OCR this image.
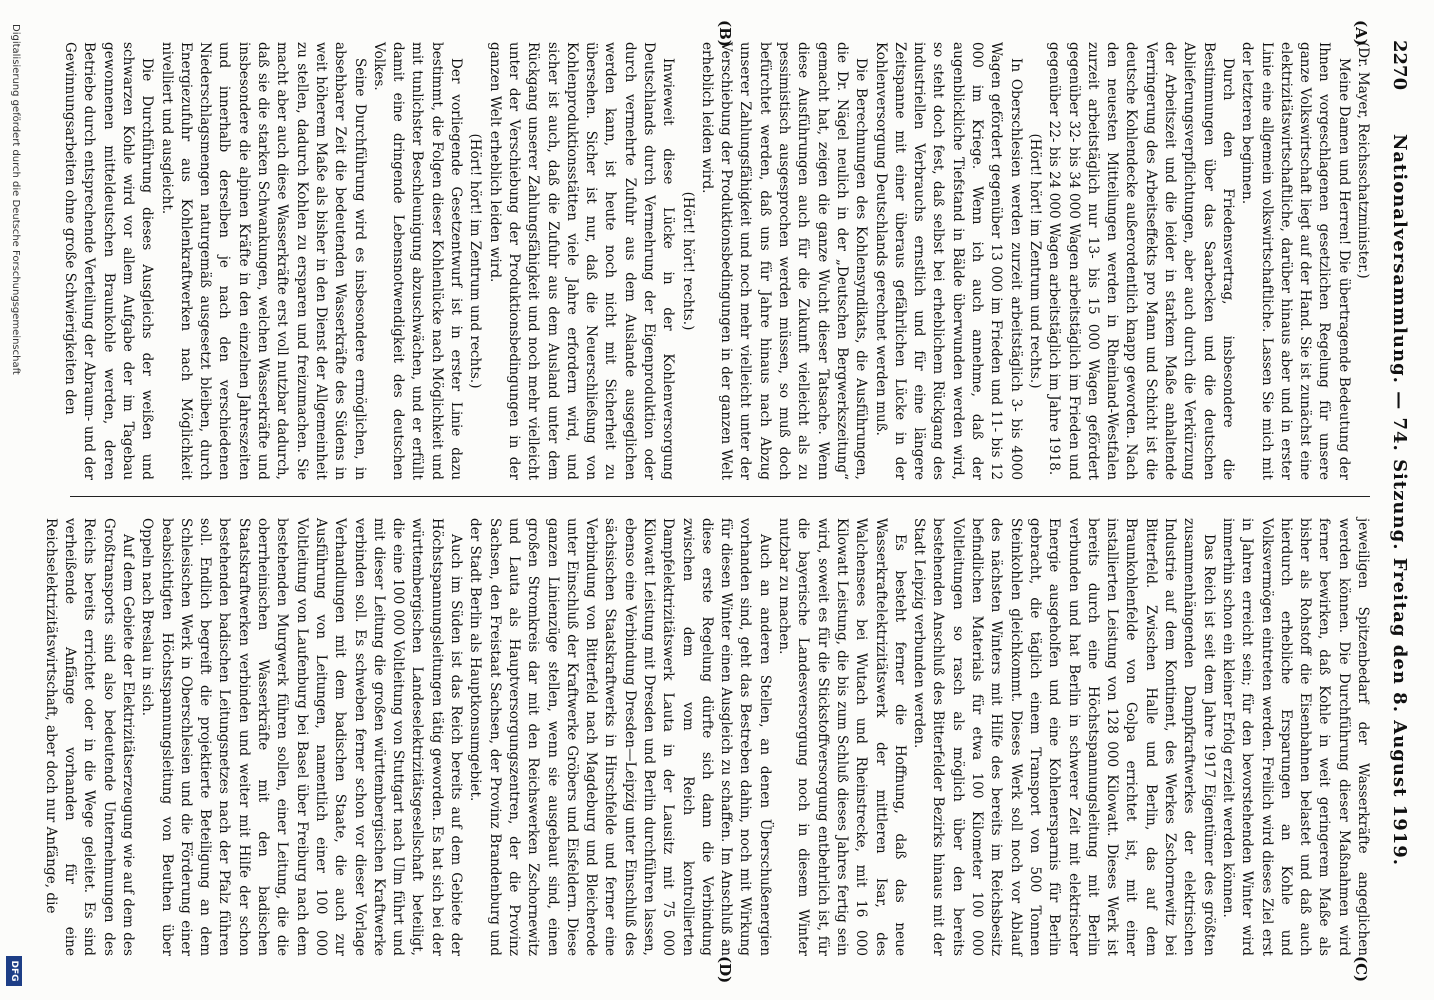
2270
Nationalversammlung. — 74. Sitzung. Freitag den 8. August 1919.
(A)
(B)
(C)
(D)

(Dr. Mayer, Reichsschatzminister.)

Meine Damen und Herren! Die übertragende Bedeutung der Ihnen vorgeschlagenen gesetzlichen Regelung für unsere ganze Volkswirtschaft liegt auf der Hand. Sie ist zunächst eine elektrizitätswirtschaftliche, darüber hinaus aber und in erster Linie eine allgemein volkswirtschaftliche. Lassen Sie mich mit der letzteren beginnen.

Durch den Friedensvertrag, insbesondere die Bestimmungen über das Saarbecken und die deutschen Ablieferungsverpflichtungen, aber auch durch die Verkürzung der Arbeitszeit und die leider in starkem Maße anhaltende Verringerung des Arbeitseffekts pro Mann und Schicht ist die deutsche Kohlendecke außerordentlich knapp geworden. Nach den neuesten Mitteilungen werden in Rheinland-Westfalen zurzeit arbeitstäglich nur 13- bis 15 000 Wagen gefördert gegenüber 32- bis 34 000 Wagen arbeitstäglich im Frieden und gegenüber 22- bis 24 000 Wagen arbeitstäglich im Jahre 1918.

(Hört! hört! im Zentrum und rechts.)

In Oberschlesien werden zurzeit arbeitstäglich 3- bis 4000 Wagen gefördert gegenüber 13 000 im Frieden und 11- bis 12 000 im Kriege. Wenn ich auch annehme, daß der augenblickliche Tiefstand in Bälde überwunden werden wird, so steht doch fest, daß selbst bei erheblichem Rückgang des industriellen Verbrauchs ernstlich und für eine längere Zeitspanne mit einer überaus gefährlichen Lücke in der Kohlenversorgung Deutschlands gerechnet werden muß.

Die Berechnungen des Kohlensyndikats, die Ausführungen, die Dr. Nägel neulich in der „Deutschen Bergwerkszeitung“ gemacht hat, zeigen die ganze Wucht dieser Tatsache. Wenn diese Ausführungen auch für die Zukunft vielleicht als zu pessimistisch ausgesprochen werden müssen, so muß doch befürchtet werden, daß uns für Jahre hinaus nach Abzug unserer Zahlungsfähigkeit und noch mehr vielleicht unter der Verschiebung der Produktionsbedingungen in der ganzen Welt erheblich leiden wird.

(Hört! hört! rechts.)

Inwieweit diese Lücke in der Kohlenversorgung Deutschlands durch Vermehrung der Eigenproduktion oder durch vermehrte Zufuhr aus dem Auslande ausgeglichen werden kann, ist heute noch nicht mit Sicherheit zu übersehen. Sicher ist nur, daß die Neuerschließung von Kohlenproduktionsstätten viele Jahre erfordern wird, und sicher ist auch, daß die Zufuhr aus dem Ausland unter dem Rückgang unserer Zahlungsfähigkeit und noch mehr vielleicht unter der Verschiebung der Produktionsbedingungen in der ganzen Welt erheblich leiden wird.

(Hört! hört! im Zentrum und rechts.)

Der vorliegende Gesetzentwurf ist in erster Linie dazu bestimmt, die Folgen dieser Kohlenlücke nach Möglichkeit und mit tunlichster Beschleunigung abzuschwächen, und er erfüllt damit eine dringende Lebensnotwendigkeit des deutschen Volkes.

Seine Durchführung wird es insbesondere ermöglichen, in absehbarer Zeit die bedeutenden Wasserkräfte des Südens in weit höherem Maße als bisher in den Dienst der Allgemeinheit zu stellen, dadurch Kohlen zu ersparen und freizumachen. Sie macht aber auch diese Wasserkräfte erst voll nutzbar dadurch, daß sie die starken Schwankungen, welchen Wasserkräfte und insbesondere die alpinen Kräfte in den einzelnen Jahreszeiten und innerhalb derselben je nach den verschiedenen Niederschlagsmengen naturgemäß ausgesetzt bleiben, durch Energiezufuhr aus Kohlenkraftwerken nach Möglichkeit nivelliert und ausgleicht.

Die Durchführung dieses Ausgleichs der weißen und schwarzen Kohle wird vor allem Aufgabe der im Tagebau gewonnenen mitteldeutschen Braunkohle werden, deren Betriebe durch entsprechende Verteilung der Abraum- und der Gewinnungsarbeiten ohne große Schwierigkeiten den

jeweiligen Spitzenbedarf der Wasserkräfte angeglichen werden können. Die Durchführung dieser Maßnahmen wird ferner bewirken, daß Kohle in weit geringerem Maße als bisher als Rohstoff die Eisenbahnen belastet und daß auch hierdurch erhebliche Ersparungen an Kohle und Volksvermögen eintreten werden. Freilich wird dieses Ziel erst in Jahren erreicht sein; für den bevorstehenden Winter wird immerhin schon ein kleiner Erfolg erzielt werden können.

Das Reich ist seit dem Jahre 1917 Eigentümer des größten zusammenhängenden Dampfkraftwerkes der elektrischen Industrie auf dem Kontinent, des Werkes Zschornewitz bei Bitterfeld. Zwischen Halle und Berlin, das auf dem Braunkohlenfelde von Golpa errichtet ist, mit einer installierten Leistung von 128 000 Kilowatt. Dieses Werk ist bereits durch eine Höchstspannungsleitung mit Berlin verbunden und hat Berlin in schwerer Zeit mit elektrischer Energie ausgeholfen und eine Kohlenersparnis für Berlin gebracht, die täglich einem Transport von 500 Tonnen Steinkohlen gleichkommt. Dieses Werk soll noch vor Ablauf des nächsten Winters mit Hilfe des bereits im Reichsbesitz befindlichen Materials für etwa 100 Kilometer 100 000 Voltleitungen so rasch als möglich über den bereits bestehenden Anschluß des Bitterfelder Bezirks hinaus mit der Stadt Leipzig verbunden werden.

Es besteht ferner die Hoffnung, daß das neue Wasserkraftelektrizitätswerk der mittleren Isar, des Walchensees bei Wutach und Rheinstrecke, mit 16 000 Kilowatt Leistung, die bis zum Schluß dieses Jahres fertig sein wird, soweit es für die Stickstoffversorgung entbehrlich ist, für die bayerische Landesversorgung noch in diesem Winter nutzbar zu machen.

Auch an anderen Stellen, an denen Überschußenergien vorhanden sind, geht das Bestreben dahin, noch mit Wirkung für diesen Winter einen Ausgleich zu schaffen. Im Anschluß an diese erste Regelung dürfte sich dann die Verbindung zwischen dem vom Reich kontrollierten Dampfelektrizitätswerk Lauta in der Lausitz mit 75 000 Kilowatt Leistung mit Dresden und Berlin durchführen lassen, ebenso eine Verbindung Dresden—Leipzig unter Einschluß des sächsischen Staatskraftwerks in Hirschfelde und ferner eine Verbindung von Bitterfeld nach Magdeburg und Bleicherode unter Einschluß der Kraftwerke Gröbers und Eisfeldern. Diese ganzen Linienzüge stellen, wenn sie ausgebaut sind, einen großen Stromkreis dar mit den Reichswerken Zschornewitz und Lauta als Hauptversorgungszentren, der die Provinz Sachsen, den Freistaat Sachsen, der Provinz Brandenburg und der Stadt Berlin als Hauptkonsumgebiet.

Auch im Süden ist das Reich bereits auf dem Gebiete der Höchstspannungsleitungen tätig geworden. Es hat sich bei der württembergischen Landeselektrizitätsgesellschaft beteiligt, die eine 100 000 Voltleitung von Stuttgart nach Ulm führt und mit dieser Leitung die großen württembergischen Kraftwerke verbinden soll. Es schweben ferner schon vor dieser Vorlage Verhandlungen mit dem badischen Staate, die auch zur Ausführung von Leitungen, namentlich einer 100 000 Voltleitung von Laufenburg bei Basel über Freiburg nach dem bestehenden Murgwerk führen sollen, einer Leitung, die die oberrheinischen Wasserkräfte mit den badischen Staatskraftwerken verbinden und weiter mit Hilfe der schon bestehenden badischen Leitungsnetzes nach der Pfalz führen soll. Endlich begreift die projektierte Beteiligung an dem Schlesischen Werk in Oberschlesien und die Förderung einer beabsichtigten Höchstspannungsleitung von Beuthen über Oppeln nach Breslau in sich.

Auf dem Gebiete der Elektrizitätserzeugung wie auf dem des Großtransports sind also bedeutende Unternehmungen des Reichs bereits errichtet oder in die Wege geleitet. Es sind verheißende Anfänge vorhanden für eine Reichselektrizitätswirtschaft, aber doch nur Anfänge, die

Digitalisierung gefördert durch die Deutsche Forschungsgemeinschaft
DFG
